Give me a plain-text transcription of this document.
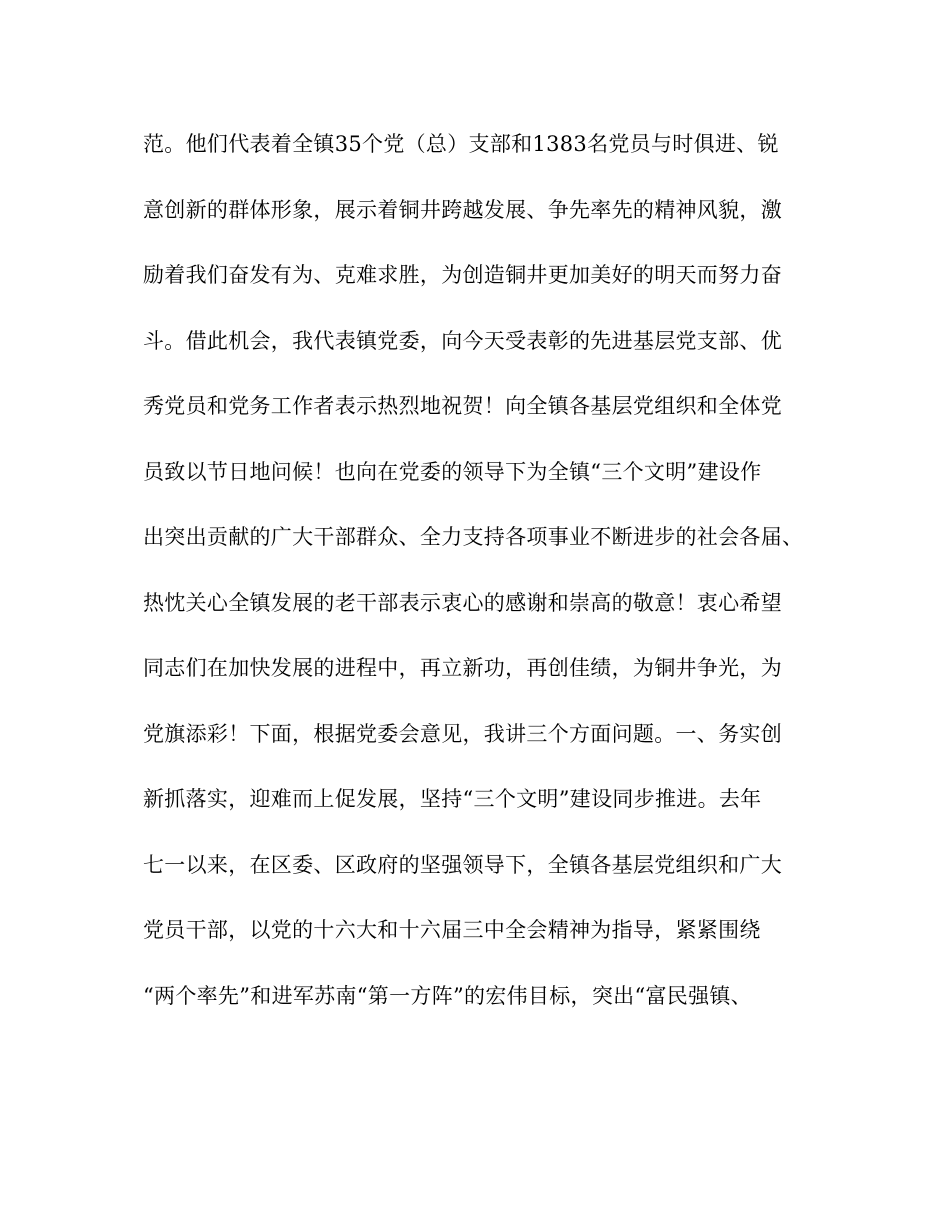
范。他们代表着全镇35个党（总）支部和1383名党员与时俱进、锐
意创新的群体形象，展示着铜井跨越发展、争先率先的精神风貌，激
励着我们奋发有为、克难求胜，为创造铜井更加美好的明天而努力奋
斗。借此机会，我代表镇党委，向今天受表彰的先进基层党支部、优
秀党员和党务工作者表示热烈地祝贺！向全镇各基层党组织和全体党
员致以节日地问候！也向在党委的领导下为全镇“三个文明”建设作
出突出贡献的广大干部群众、全力支持各项事业不断进步的社会各届、
热忱关心全镇发展的老干部表示衷心的感谢和崇高的敬意！衷心希望
同志们在加快发展的进程中，再立新功，再创佳绩，为铜井争光，为
党旗添彩！下面，根据党委会意见，我讲三个方面问题。一、务实创
新抓落实，迎难而上促发展，坚持“三个文明”建设同步推进。去年
七一以来，在区委、区政府的坚强领导下，全镇各基层党组织和广大
党员干部，以党的十六大和十六届三中全会精神为指导，紧紧围绕
“两个率先”和进军苏南“第一方阵”的宏伟目标，突出“富民强镇、
